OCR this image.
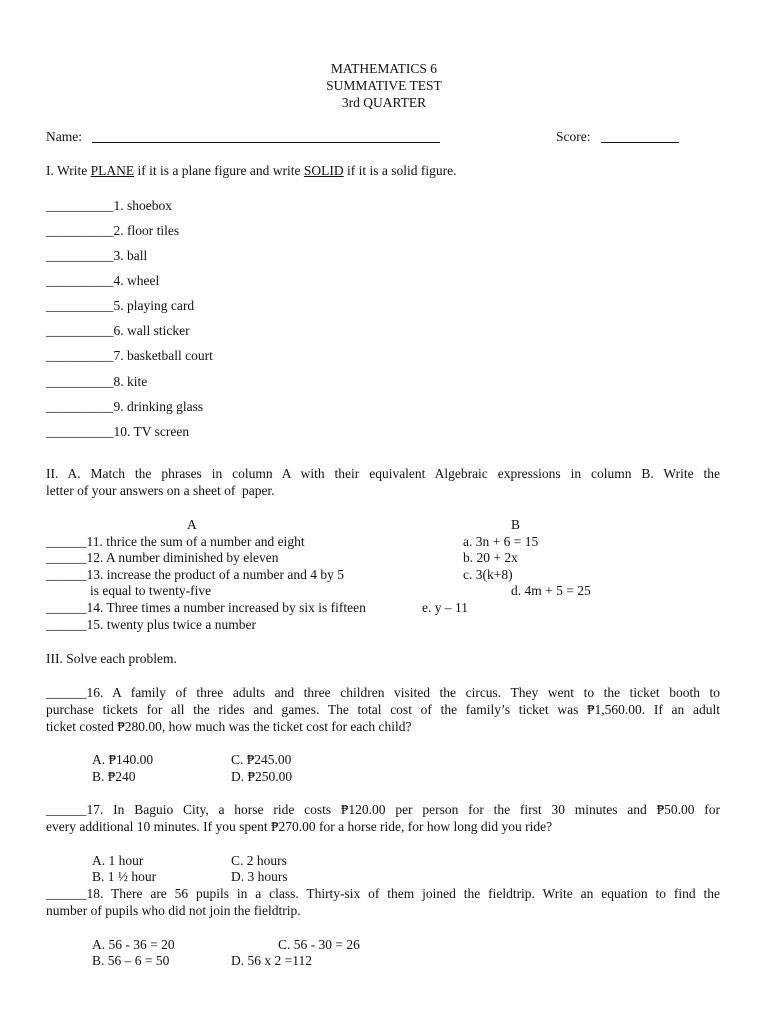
MATHEMATICS 6
SUMMATIVE TEST
3rd QUARTER
Name:	Score:
I. Write PLANE if it is a plane figure and write SOLID if it is a solid figure.
__________1. shoebox
__________2. floor tiles
__________3. ball
__________4. wheel
__________5. playing card
__________6. wall sticker
__________7. basketball court
__________8. kite
__________9. drinking glass
__________10. TV screen
II. A. Match the phrases in column A with their equivalent Algebraic expressions in column B. Write the
letter of your answers on a sheet of  paper.
A	B
______11. thrice the sum of a number and eight	a. 3n + 6 = 15
______12. A number diminished by eleven	b. 20 + 2x
______13. increase the product of a number and 4 by 5	c. 3(k+8)
is equal to twenty-five	d. 4m + 5 = 25
______14. Three times a number increased by six is fifteen	e. y – 11
______15. twenty plus twice a number
III. Solve each problem.
______16. A family of three adults and three children visited the circus. They went to the ticket booth to
purchase tickets for all the rides and games. The total cost of the family’s ticket was ₱1,560.00. If an adult
ticket costed ₱280.00, how much was the ticket cost for each child?
A. ₱140.00	C. ₱245.00
B. ₱240	D. ₱250.00
______17. In Baguio City, a horse ride costs ₱120.00 per person for the first 30 minutes and ₱50.00 for
every additional 10 minutes. If you spent ₱270.00 for a horse ride, for how long did you ride?
A. 1 hour	C. 2 hours
B. 1 ½ hour	D. 3 hours
______18. There are 56 pupils in a class. Thirty-six of them joined the fieldtrip. Write an equation to find the
number of pupils who did not join the fieldtrip.
A. 56 - 36 = 20	C. 56 - 30 = 26
B. 56 – 6 = 50	D. 56 x 2 =112
